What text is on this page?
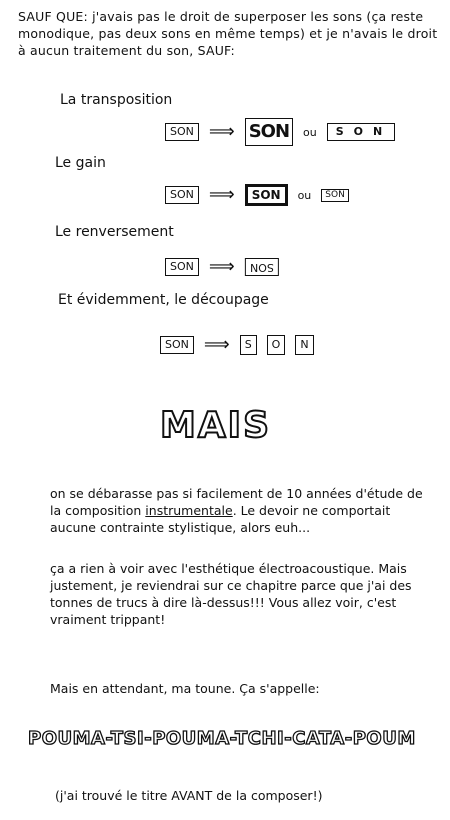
SAUF QUE: j'avais pas le droit de superposer les sons (ça reste monodique, pas deux sons en même temps) et je n'avais le droit à aucun traitement du son, SAUF:
La transposition
SON ⟹ SON	ou	SON
Le gain
SON ⟹	SON	ou	SON
Le renversement
SON ⟹	SON
Et évidemment, le découpage
SON ⟹	S	O	N
MAIS
on se débarasse pas si facilement de 10 années d'étude de la composition instrumentale. Le devoir ne comportait aucune contrainte stylistique, alors euh...
ça a rien à voir avec l'esthétique électroacoustique. Mais justement, je reviendrai sur ce chapitre parce que j'ai des tonnes de trucs à dire là-dessus!!! Vous allez voir, c'est vraiment trippant!
Mais en attendant, ma toune. Ça s'appelle:
POUMA-TSI-POUMA-TCHI-CATA-POUM
(j'ai trouvé le titre AVANT de la composer!)
